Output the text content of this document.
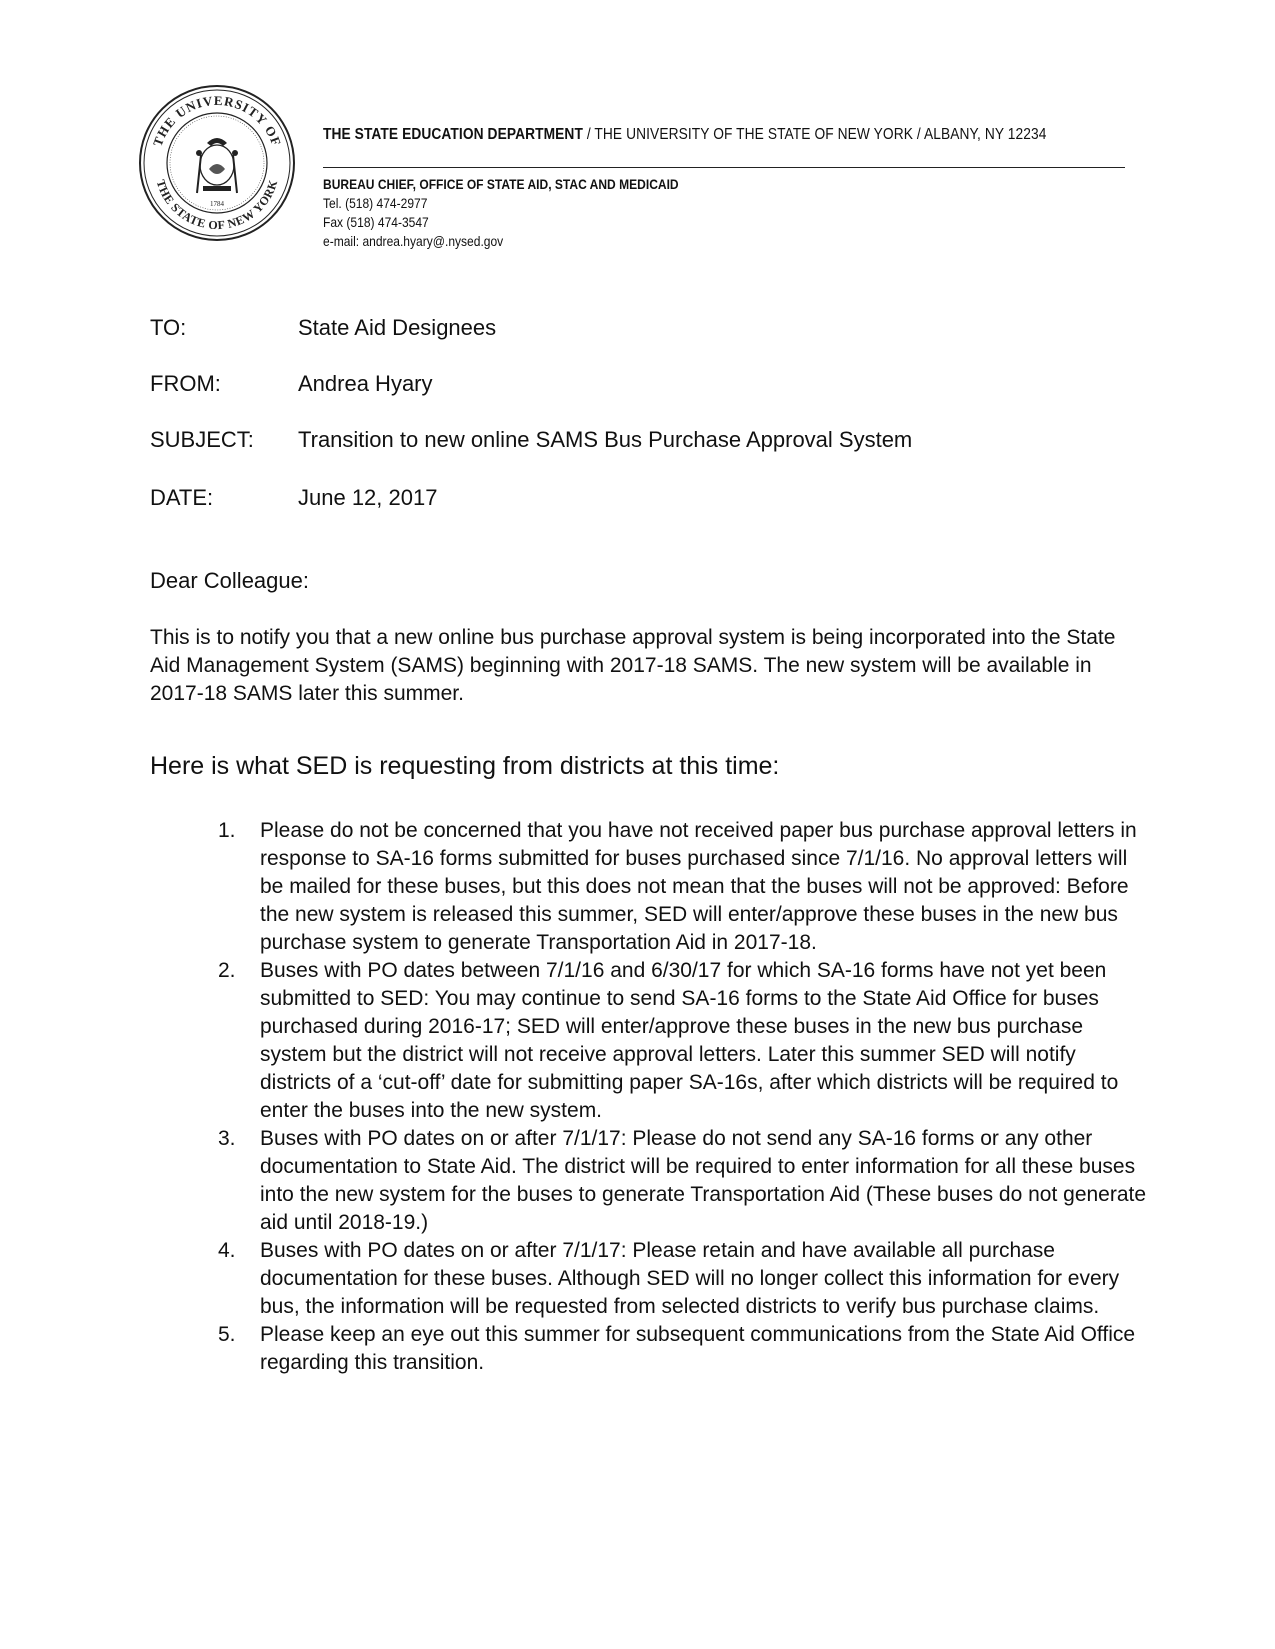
THE UNIVERSITY OF
THE STATE OF NEW YORK
1784
THE STATE EDUCATION DEPARTMENT / THE UNIVERSITY OF THE STATE OF NEW YORK / ALBANY, NY 12234
BUREAU CHIEF, OFFICE OF STATE AID, STAC AND MEDICAID
Tel. (518) 474-2977
Fax (518) 474-3547
e-mail: andrea.hyary@.nysed.gov
TO:	State Aid Designees
FROM:	Andrea Hyary
SUBJECT: Transition to new online SAMS Bus Purchase Approval System
DATE:	June 12, 2017
Dear Colleague:

This is to notify you that a new online bus purchase approval system is being incorporated into the State Aid Management System (SAMS) beginning with 2017-18 SAMS. The new system will be available in 2017-18 SAMS later this summer.

Here is what SED is requesting from districts at this time:
1. Please do not be concerned that you have not received paper bus purchase approval letters in response to SA-16 forms submitted for buses purchased since 7/1/16. No approval letters will be mailed for these buses, but this does not mean that the buses will not be approved: Before the new system is released this summer, SED will enter/approve these buses in the new bus purchase system to generate Transportation Aid in 2017-18.
2. Buses with PO dates between 7/1/16 and 6/30/17 for which SA-16 forms have not yet been submitted to SED: You may continue to send SA-16 forms to the State Aid Office for buses purchased during 2016-17; SED will enter/approve these buses in the new bus purchase system but the district will not receive approval letters. Later this summer SED will notify districts of a ‘cut-off’ date for submitting paper SA-16s, after which districts will be required to enter the buses into the new system.
3. Buses with PO dates on or after 7/1/17: Please do not send any SA-16 forms or any other documentation to State Aid. The district will be required to enter information for all these buses into the new system for the buses to generate Transportation Aid (These buses do not generate aid until 2018-19.)
4. Buses with PO dates on or after 7/1/17: Please retain and have available all purchase documentation for these buses. Although SED will no longer collect this information for every bus, the information will be requested from selected districts to verify bus purchase claims.
5. Please keep an eye out this summer for subsequent communications from the State Aid Office regarding this transition.
